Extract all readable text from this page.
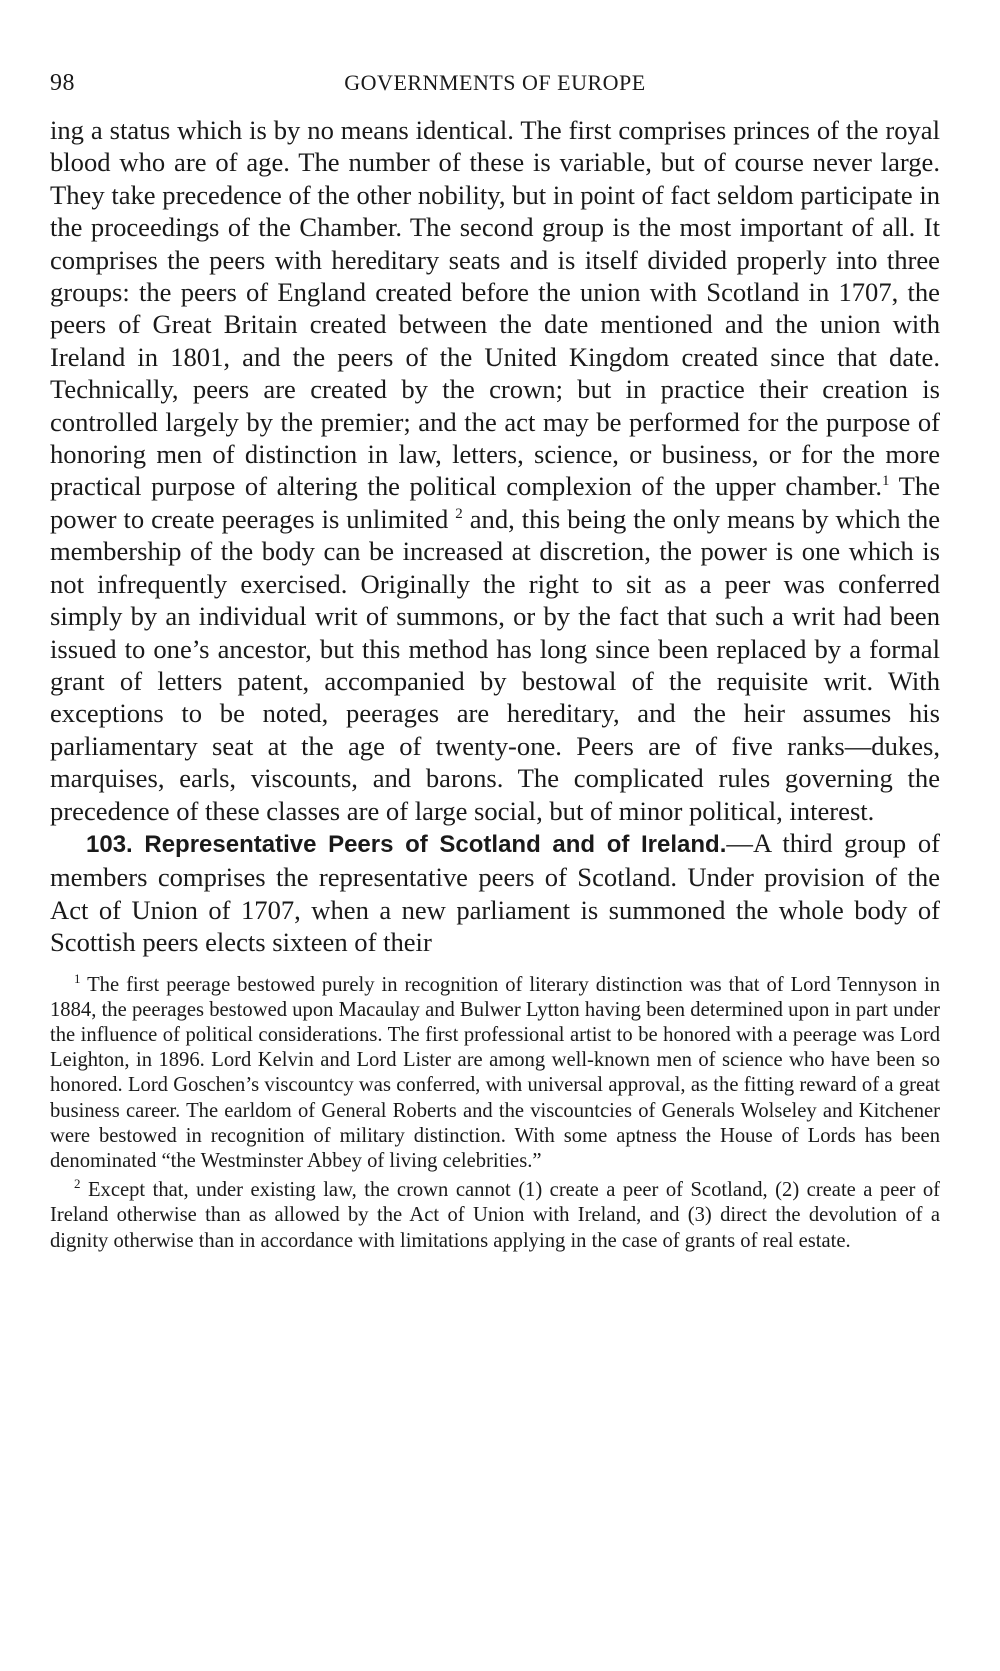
98	GOVERNMENTS OF EUROPE

ing a status which is by no means identical. The first comprises princes of the royal blood who are of age. The number of these is variable, but of course never large. They take precedence of the other nobility, but in point of fact seldom participate in the proceedings of the Chamber. The second group is the most important of all. It comprises the peers with hereditary seats and is itself divided properly into three groups: the peers of England created before the union with Scotland in 1707, the peers of Great Britain created between the date mentioned and the union with Ireland in 1801, and the peers of the United Kingdom created since that date. Technically, peers are created by the crown; but in practice their creation is controlled largely by the premier; and the act may be performed for the purpose of honoring men of distinction in law, letters, science, or business, or for the more practical purpose of altering the political complexion of the upper chamber.$^1$ The power to create peerages is unlimited $^2$ and, this being the only means by which the membership of the body can be increased at discretion, the power is one which is not infrequently exercised. Originally the right to sit as a peer was conferred simply by an individual writ of summons, or by the fact that such a writ had been issued to one’s ancestor, but this method has long since been replaced by a formal grant of letters patent, accompanied by bestowal of the requisite writ. With exceptions to be noted, peerages are hereditary, and the heir assumes his parliamentary seat at the age of twenty-one. Peers are of five ranks—dukes, marquises, earls, viscounts, and barons. The complicated rules governing the precedence of these classes are of large social, but of minor political, interest.

103. Representative Peers of Scotland and of Ireland.—A third group of members comprises the representative peers of Scotland. Under provision of the Act of Union of 1707, when a new parliament is summoned the whole body of Scottish peers elects sixteen of their

$^1$ The first peerage bestowed purely in recognition of literary distinction was that of Lord Tennyson in 1884, the peerages bestowed upon Macaulay and Bulwer Lytton having been determined upon in part under the influence of political considerations. The first professional artist to be honored with a peerage was Lord Leighton, in 1896. Lord Kelvin and Lord Lister are among well-known men of science who have been so honored. Lord Goschen’s viscountcy was conferred, with universal approval, as the fitting reward of a great business career. The earldom of General Roberts and the viscountcies of Generals Wolseley and Kitchener were bestowed in recognition of military distinction. With some aptness the House of Lords has been denominated “the Westminster Abbey of living celebrities.”

$^2$ Except that, under existing law, the crown cannot (1) create a peer of Scotland, (2) create a peer of Ireland otherwise than as allowed by the Act of Union with Ireland, and (3) direct the devolution of a dignity otherwise than in accordance with limitations applying in the case of grants of real estate.
